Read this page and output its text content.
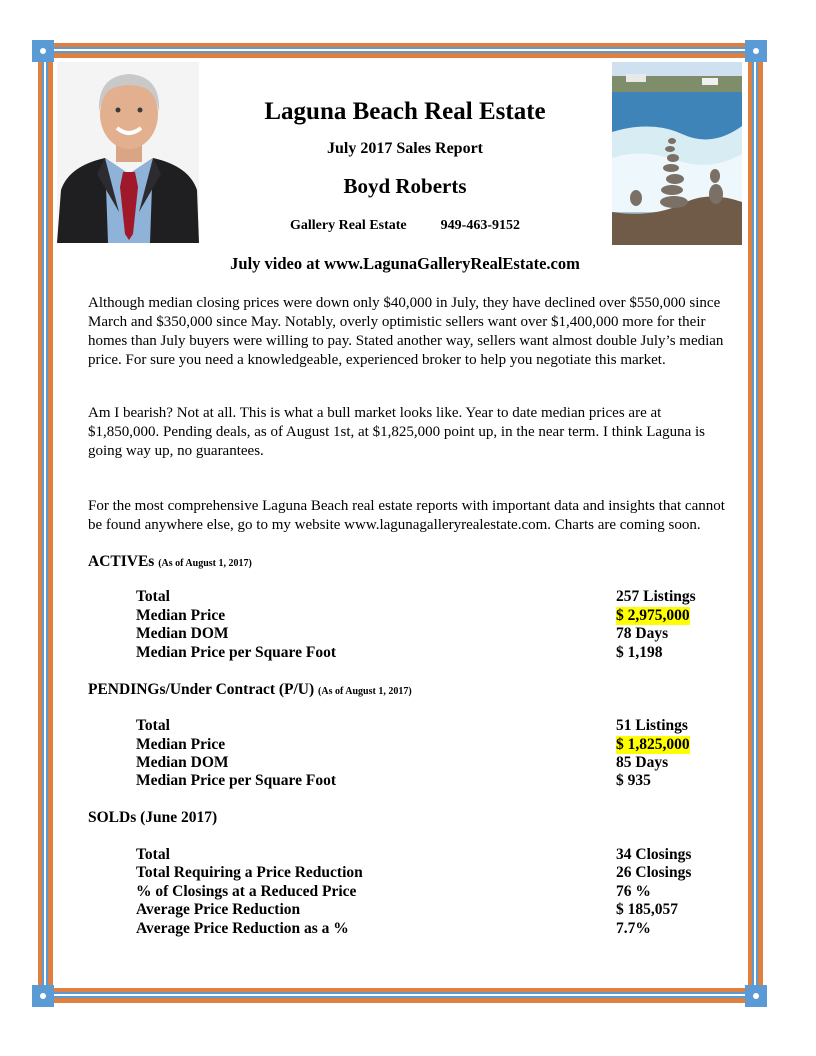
Laguna Beach Real Estate
July 2017 Sales Report
Boyd Roberts
Gallery Real Estate 949-463-9152
July video at www.LagunaGalleryRealEstate.com
Although median closing prices were down only $40,000 in July, they have declined over $550,000 since March and $350,000 since May. Notably, overly optimistic sellers want over $1,400,000 more for their homes than July buyers were willing to pay. Stated another way, sellers want almost double July’s median price. For sure you need a knowledgeable, experienced broker to help you negotiate this market.
Am I bearish? Not at all. This is what a bull market looks like. Year to date median prices are at $1,850,000. Pending deals, as of August 1st, at $1,825,000 point up, in the near term. I think Laguna is going way up, no guarantees.
For the most comprehensive Laguna Beach real estate reports with important data and insights that cannot be found anywhere else, go to my website www.lagunagalleryrealestate.com. Charts are coming soon.
ACTIVEs (As of August 1, 2017)
Total	257 Listings
Median Price	$ 2,975,000
Median DOM	78 Days
Median Price per Square Foot	$ 1,198
PENDINGs/Under Contract (P/U) (As of August 1, 2017)
Total	51 Listings
Median Price	$ 1,825,000
Median DOM	85 Days
Median Price per Square Foot	$ 935
SOLDs (June 2017)
Total	34 Closings
Total Requiring a Price Reduction	26 Closings
% of Closings at a Reduced Price	76 %
Average Price Reduction	$ 185,057
Average Price Reduction as a %	7.7%
